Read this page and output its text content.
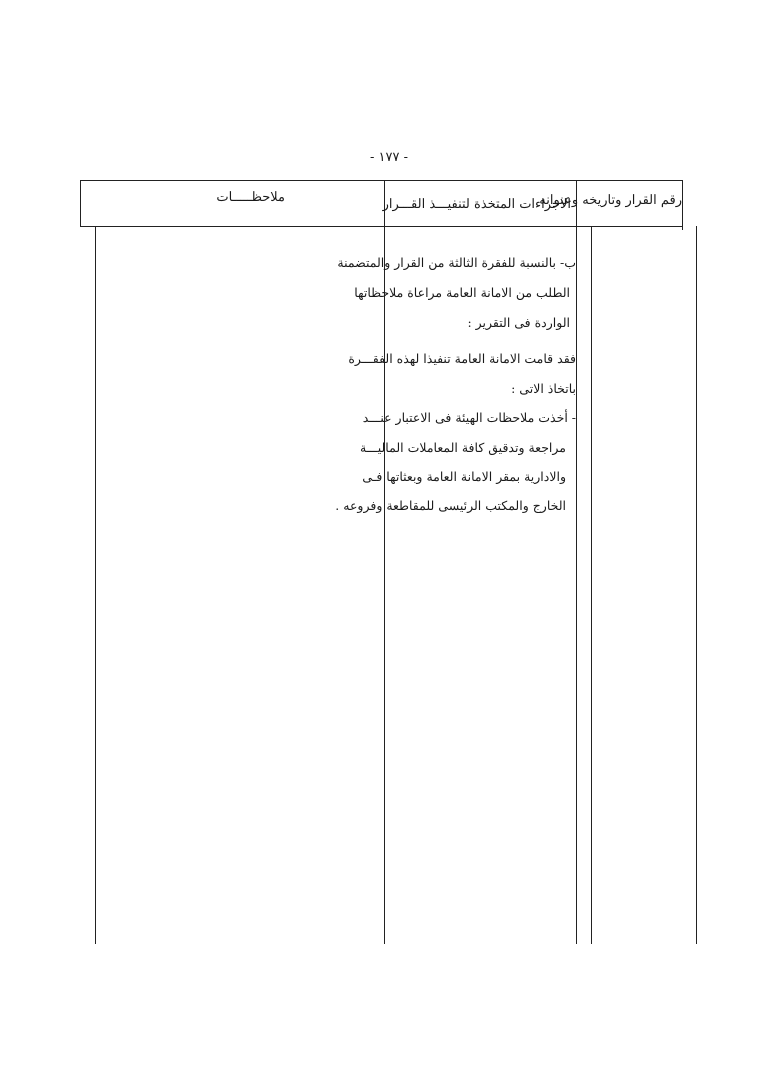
- ١٧٧ -
رقم القرار وتاريخه وعنوانه
الاجراءات المتخذة لتنفيـــذ القـــرار
ملاحظـــــات
ب- بالنسبة للفقرة الثالثة من القرار والمتضمنة
الطلب من الامانة العامة مراعاة ملاحظاتها
الواردة فى التقرير :
فقد قامت الامانة العامة تنفيذا لهذه الفقـــرة
باتخاذ الاتى :
- أخذت ملاحظات الهيئة فى الاعتبار عنـــد
مراجعة وتدقيق كافة المعاملات الماليـــة
والادارية بمقر الامانة العامة وبعثاتها فـى
الخارج والمكتب الرئيسى للمقاطعة وفروعه .
